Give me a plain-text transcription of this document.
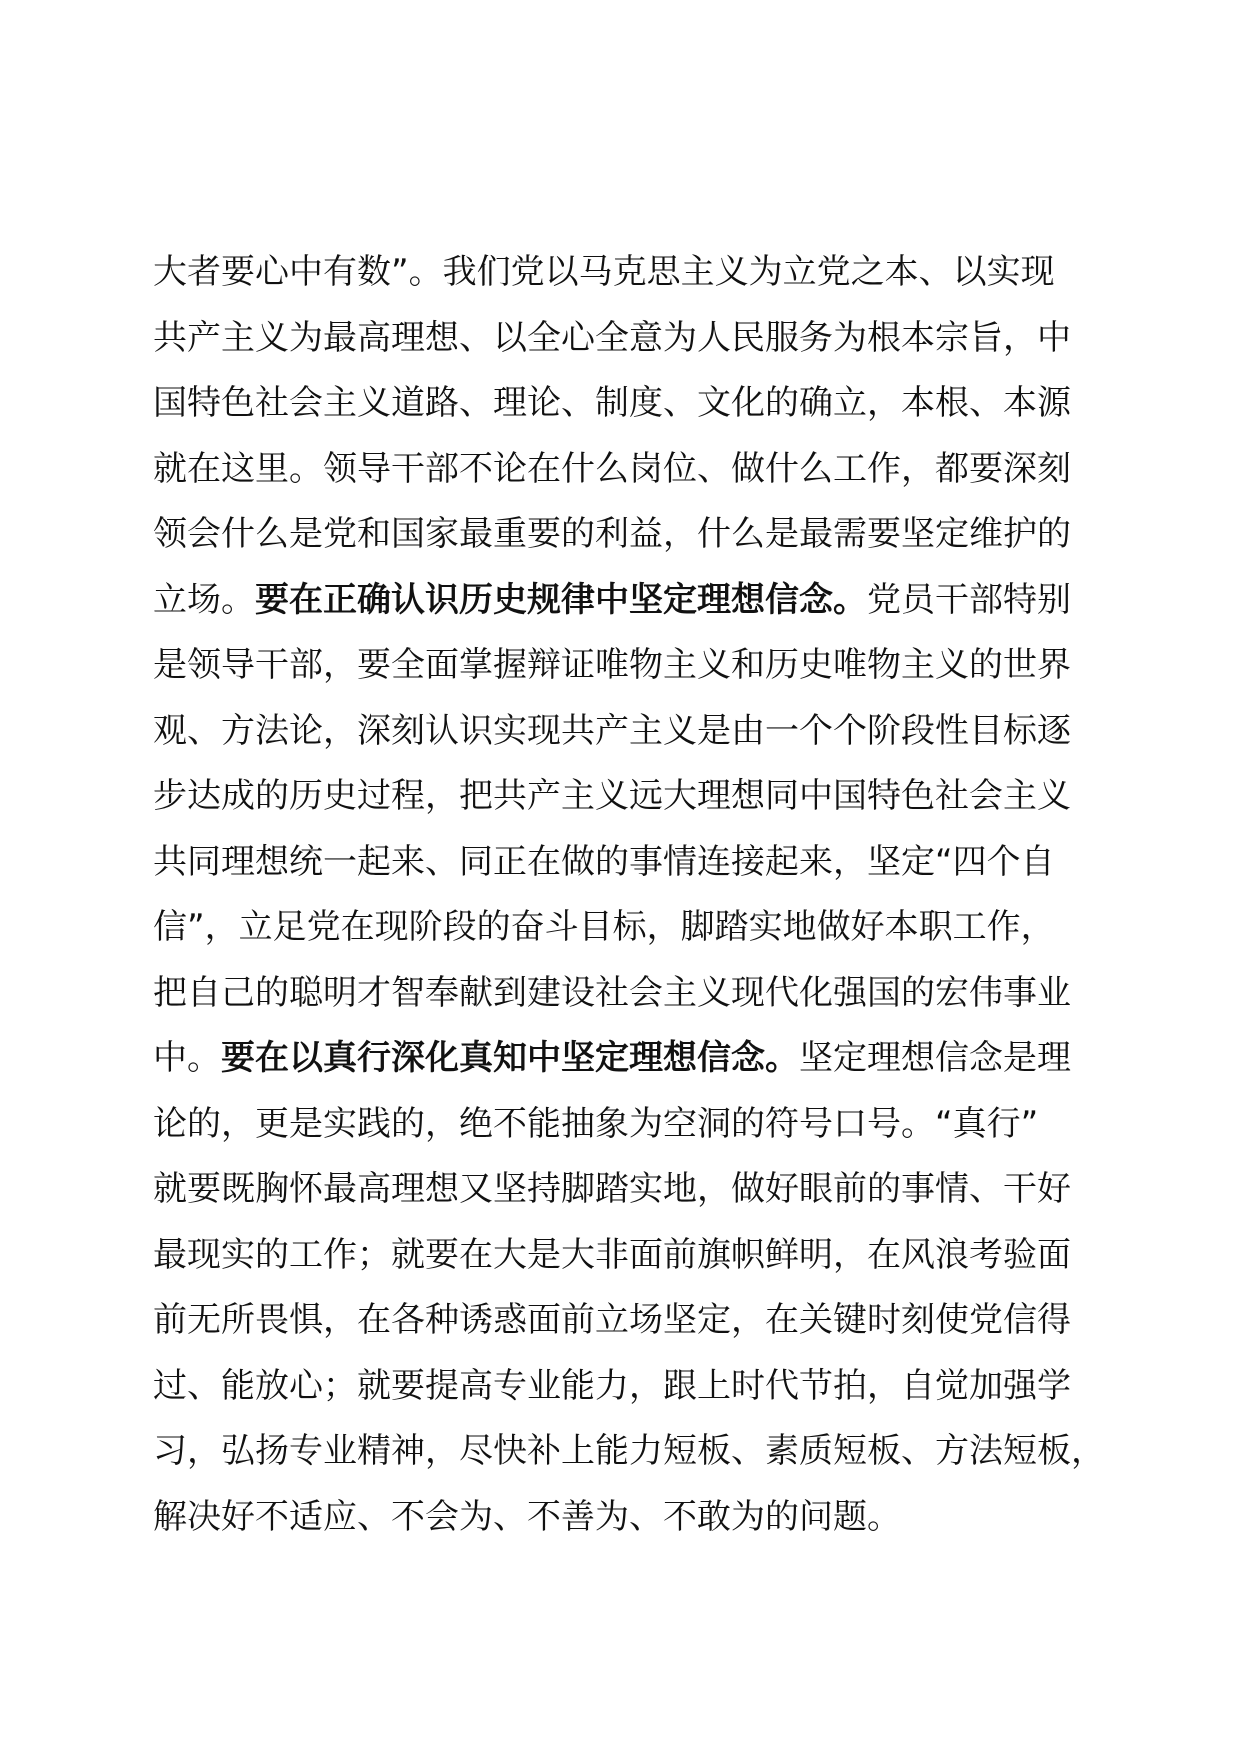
大者要心中有数”。我们党以马克思主义为立党之本、以实现
共产主义为最高理想、以全心全意为人民服务为根本宗旨，中
国特色社会主义道路、理论、制度、文化的确立，本根、本源
就在这里。领导干部不论在什么岗位、做什么工作，都要深刻
领会什么是党和国家最重要的利益，什么是最需要坚定维护的
立场。要在正确认识历史规律中坚定理想信念。党员干部特别
是领导干部，要全面掌握辩证唯物主义和历史唯物主义的世界
观、方法论，深刻认识实现共产主义是由一个个阶段性目标逐
步达成的历史过程，把共产主义远大理想同中国特色社会主义
共同理想统一起来、同正在做的事情连接起来，坚定“四个自
信”，立足党在现阶段的奋斗目标，脚踏实地做好本职工作，
把自己的聪明才智奉献到建设社会主义现代化强国的宏伟事业
中。要在以真行深化真知中坚定理想信念。坚定理想信念是理
论的，更是实践的，绝不能抽象为空洞的符号口号。“真行”
就要既胸怀最高理想又坚持脚踏实地，做好眼前的事情、干好
最现实的工作；就要在大是大非面前旗帜鲜明，在风浪考验面
前无所畏惧，在各种诱惑面前立场坚定，在关键时刻使党信得
过、能放心；就要提高专业能力，跟上时代节拍，自觉加强学
习，弘扬专业精神，尽快补上能力短板、素质短板、方法短板，
解决好不适应、不会为、不善为、不敢为的问题。
